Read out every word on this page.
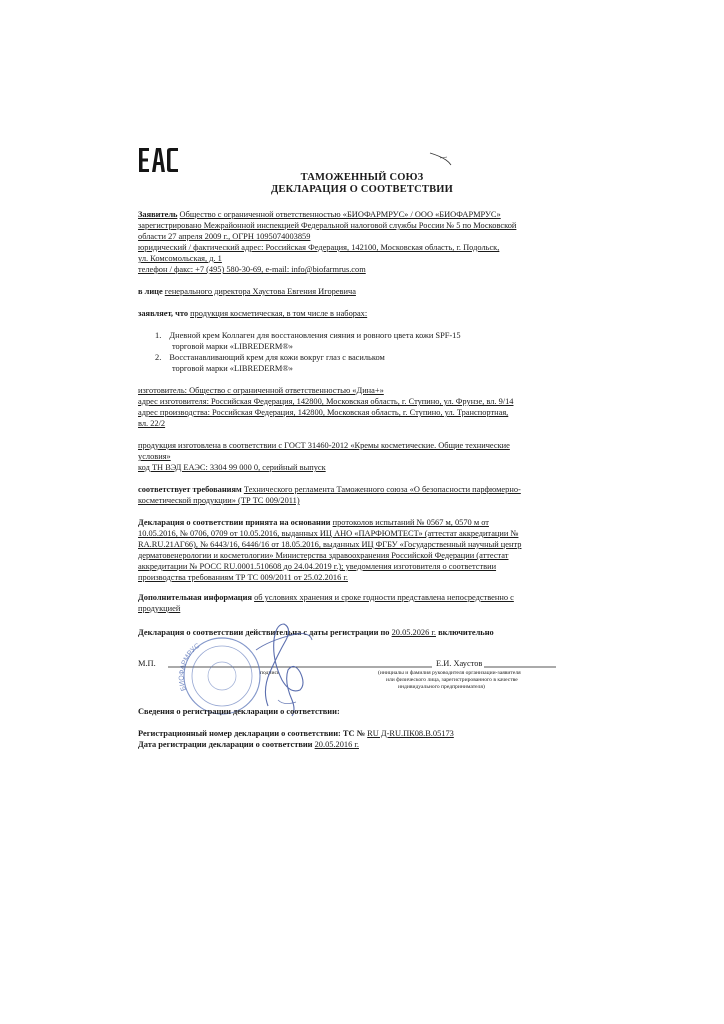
ТАМОЖЕННЫЙ СОЮЗ
ДЕКЛАРАЦИЯ О СООТВЕТСТВИИ
Заявитель Общество с ограниченной ответственностью «БИОФАРМРУС» / ООО «БИОФАРМРУС»
зарегистрировано Межрайонной инспекцией Федеральной налоговой службы России № 5 по Московской
области 27 апреля 2009 г., ОГРН 1095074003859
юридический / фактический адрес: Российская Федерация, 142100, Московская область, г. Подольск,
ул. Комсомольская, д. 1
телефон / факс: +7 (495) 580-30-69, e-mail: info@biofarmrus.com
в лице генерального директора Хаустова Евгения Игоревича
заявляет, что продукция косметическая, в том числе в наборах:
1. Дневной крем Коллаген для восстановления сияния и ровного цвета кожи SPF-15
торговой марки «LIBREDERM®»
2. Восстанавливающий крем для кожи вокруг глаз с васильком
торговой марки «LIBREDERM®»
изготовитель: Общество с ограниченной ответственностью «Дина+»
адрес изготовителя: Российская Федерация, 142800, Московская область, г. Ступино, ул. Фрунзе, вл. 9/14
адрес производства: Российская Федерация, 142800, Московская область, г. Ступино, ул. Транспортная,
вл. 22/2
продукция изготовлена в соответствии с ГОСТ 31460-2012 «Кремы косметические. Общие технические
условия»
код ТН ВЭД ЕАЭС: 3304 99 000 0, серийный выпуск
соответствует требованиям Технического регламента Таможенного союза «О безопасности парфюмерно-
косметической продукции» (ТР ТС 009/2011)
Декларация о соответствии принята на основании протоколов испытаний № 0567 м, 0570 м от
10.05.2016, № 0706, 0709 от 10.05.2016, выданных ИЦ АНО «ПАРФЮМТЕСТ» (аттестат аккредитации №
RA.RU.21АГ66), № 6443/16, 6446/16 от 18.05.2016, выданных ИЦ ФГБУ «Государственный научный центр
дерматовенерологии и косметологии» Министерства здравоохранения Российской Федерации (аттестат
аккредитации № РОСС RU.0001.510608 до 24.04.2019 г.); уведомления изготовителя о соответствии
производства требованиям ТР ТС 009/2011 от 25.02.2016 г.
Дополнительная информация об условиях хранения и сроке годности представлена непосредственно с
продукцией
Декларация о соответствии действительна с даты регистрации по 20.05.2026 г. включительно
М.П.	Е.И. Хаустов
подпись	(инициалы и фамилия руководителя организации-заявителя
или физического лица, зарегистрированного в качестве
индивидуального предпринимателя)
БИОФАРМРУС
Сведения о регистрации декларации о соответствии:
Регистрационный номер декларации о соответствии: ТС № RU Д-RU.ПК08.В.05173
Дата регистрации декларации о соответствии 20.05.2016 г.
